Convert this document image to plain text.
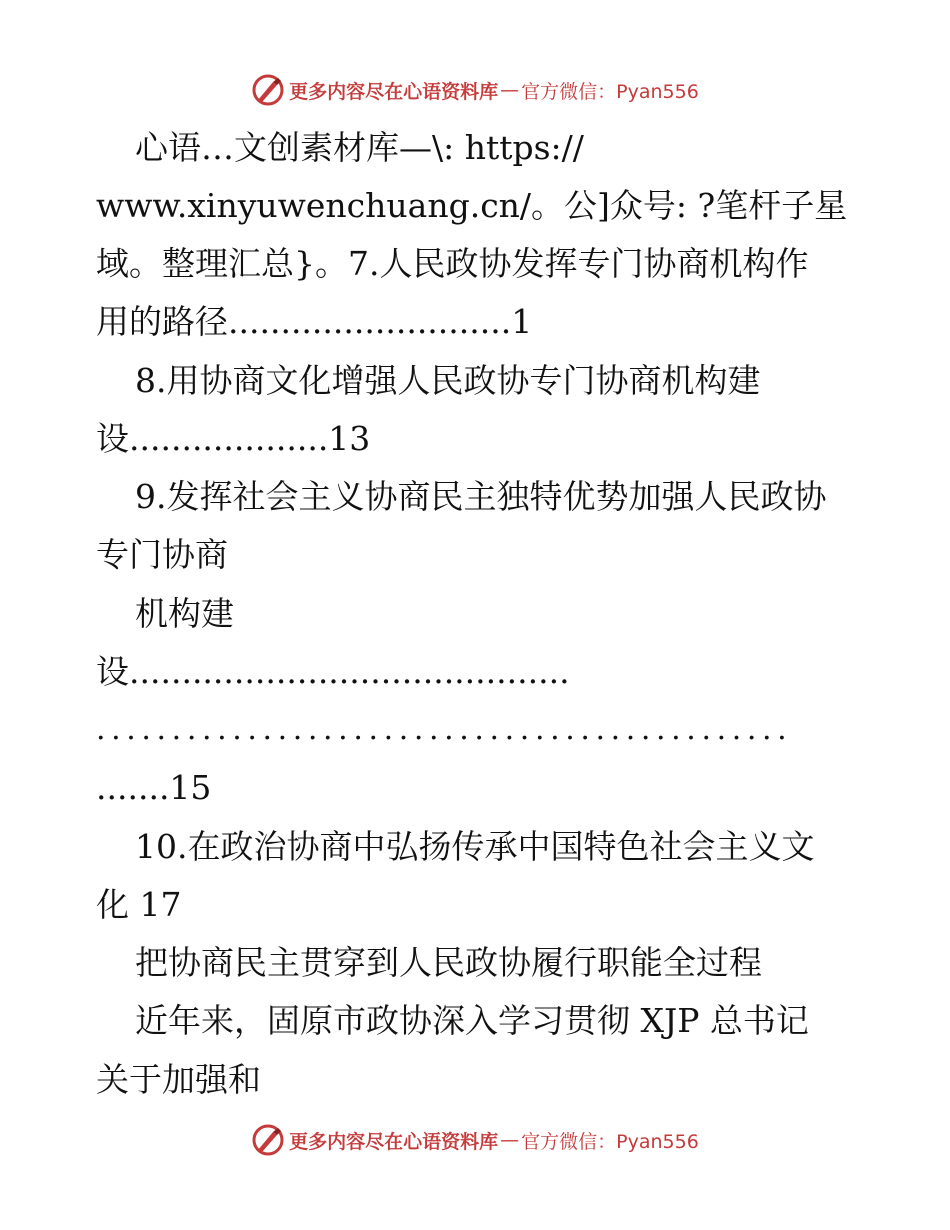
更多内容尽在心语资料库 — 官方微信：Pyan556
心语…文创素材库—\: https://
www.xinyuwenchuang.cn/。公]众号: ?笔杆子星
域。整理汇总}。7.人民政协发挥专门协商机构作
用的路径...........................1
8.用协商文化增强人民政协专门协商机构建
设...................13
9.发挥社会主义协商民主独特优势加强人民政协
专门协商
机构建
设..........................................
..............................................
.......15
10.在政治协商中弘扬传承中国特色社会主义文
化 17
把协商民主贯穿到人民政协履行职能全过程
近年来，固原市政协深入学习贯彻 XJP 总书记
关于加强和
更多内容尽在心语资料库 — 官方微信：Pyan556
